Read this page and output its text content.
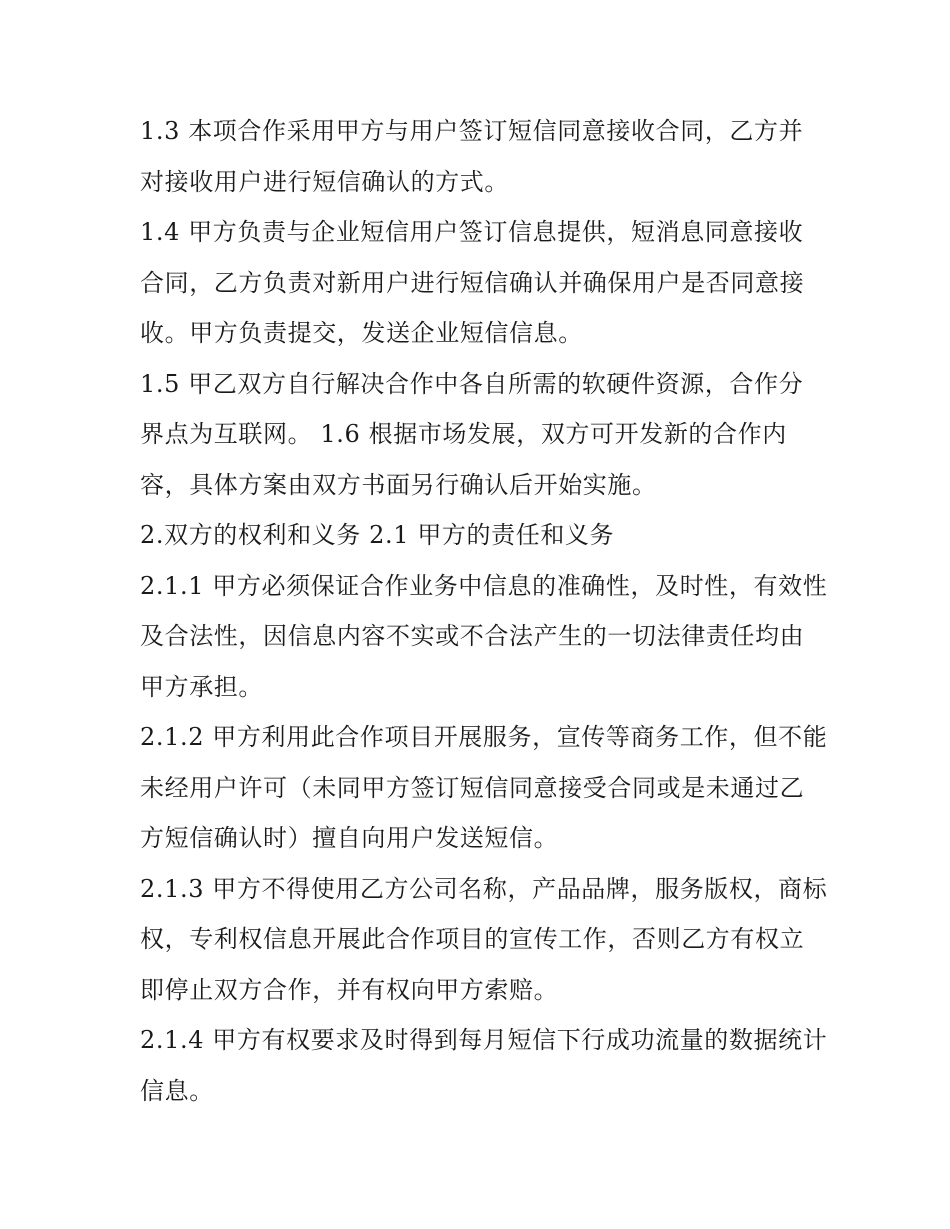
1.3 本项合作采用甲方与用户签订短信同意接收合同，乙方并
对接收用户进行短信确认的方式。
1.4 甲方负责与企业短信用户签订信息提供，短消息同意接收
合同，乙方负责对新用户进行短信确认并确保用户是否同意接
收。甲方负责提交，发送企业短信信息。
1.5 甲乙双方自行解决合作中各自所需的软硬件资源，合作分
界点为互联网。 1.6 根据市场发展，双方可开发新的合作内
容，具体方案由双方书面另行确认后开始实施。
2.双方的权利和义务 2.1 甲方的责任和义务
2.1.1 甲方必须保证合作业务中信息的准确性，及时性，有效性
及合法性，因信息内容不实或不合法产生的一切法律责任均由
甲方承担。
2.1.2 甲方利用此合作项目开展服务，宣传等商务工作，但不能
未经用户许可（未同甲方签订短信同意接受合同或是未通过乙
方短信确认时）擅自向用户发送短信。
2.1.3 甲方不得使用乙方公司名称，产品品牌，服务版权，商标
权，专利权信息开展此合作项目的宣传工作，否则乙方有权立
即停止双方合作，并有权向甲方索赔。
2.1.4 甲方有权要求及时得到每月短信下行成功流量的数据统计
信息。
